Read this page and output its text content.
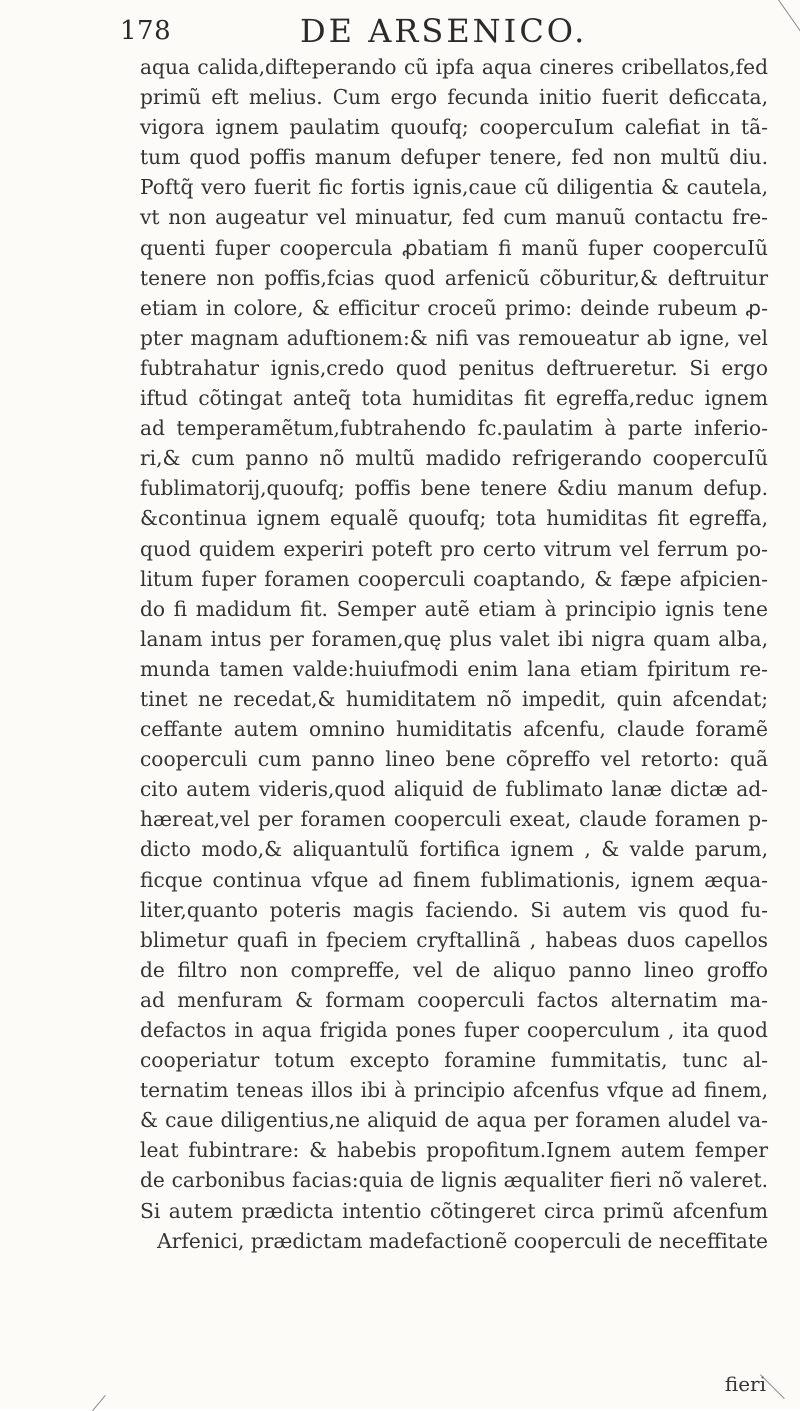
178	DE ARSENICO.
aqua calida,difteperando cũ ipfa aqua cineres cribellatos,fed
primũ eft melius. Cum ergo fecunda initio fuerit deficcata,
vigora ignem paulatim quoufq; coopercuIum calefiat in tã-
tum quod poffis manum defuper tenere, fed non multũ diu.
Poftq̃ vero fuerit fic fortis ignis,caue cũ diligentia & cautela,
vt non augeatur vel minuatur, fed cum manuũ contactu fre-
quenti fuper coopercula ꝓbatiam fi manũ fuper coopercuIũ
tenere non poffis,fcias quod arfenicũ cõburitur,& deftruitur
etiam in colore, & efficitur croceũ primo: deinde rubeum ꝓ-
pter magnam aduftionem:& nifi vas remoueatur ab igne, vel
fubtrahatur ignis,credo quod penitus deftrueretur. Si ergo
iftud cõtingat anteq̃ tota humiditas fit egreffa,reduc ignem
ad temperamẽtum,fubtrahendo fc.paulatim à parte inferio-
ri,& cum panno nõ multũ madido refrigerando coopercuIũ
fublimatorij,quoufq; poffis bene tenere &diu manum defup.
&continua ignem equalẽ quoufq; tota humiditas fit egreffa,
quod quidem experiri poteft pro certo vitrum vel ferrum po-
litum fuper foramen cooperculi coaptando, & fæpe afpicien-
do fi madidum fit. Semper autẽ etiam à principio ignis tene
lanam intus per foramen,quę plus valet ibi nigra quam alba,
munda tamen valde:huiufmodi enim lana etiam fpiritum re-
tinet ne recedat,& humiditatem nõ impedit, quin afcendat;
ceffante autem omnino humiditatis afcenfu, claude foramẽ
cooperculi cum panno lineo bene cõpreffo vel retorto: quã
cito autem videris,quod aliquid de fublimato lanæ dictæ ad-
hæreat,vel per foramen cooperculi exeat, claude foramen p-
dicto modo,& aliquantulũ fortifica ignem , & valde parum,
ficque continua vfque ad finem fublimationis, ignem æqua-
liter,quanto poteris magis faciendo. Si autem vis quod fu-
blimetur quafi in fpeciem cryftallinã , habeas duos capellos
de filtro non compreffe, vel de aliquo panno lineo groffo
ad menfuram & formam cooperculi factos alternatim ma-
defactos in aqua frigida pones fuper cooperculum , ita quod
cooperiatur totum excepto foramine fummitatis, tunc al-
ternatim teneas illos ibi à principio afcenfus vfque ad finem,
& caue diligentius,ne aliquid de aqua per foramen aludel va-
leat fubintrare: & habebis propofitum.Ignem autem femper
de carbonibus facias:quia de lignis æqualiter fieri nõ valeret.
Si autem prædicta intentio cõtingeret circa primũ afcenfum
Arfenici, prædictam madefactionẽ cooperculi de neceffitate
fieri
